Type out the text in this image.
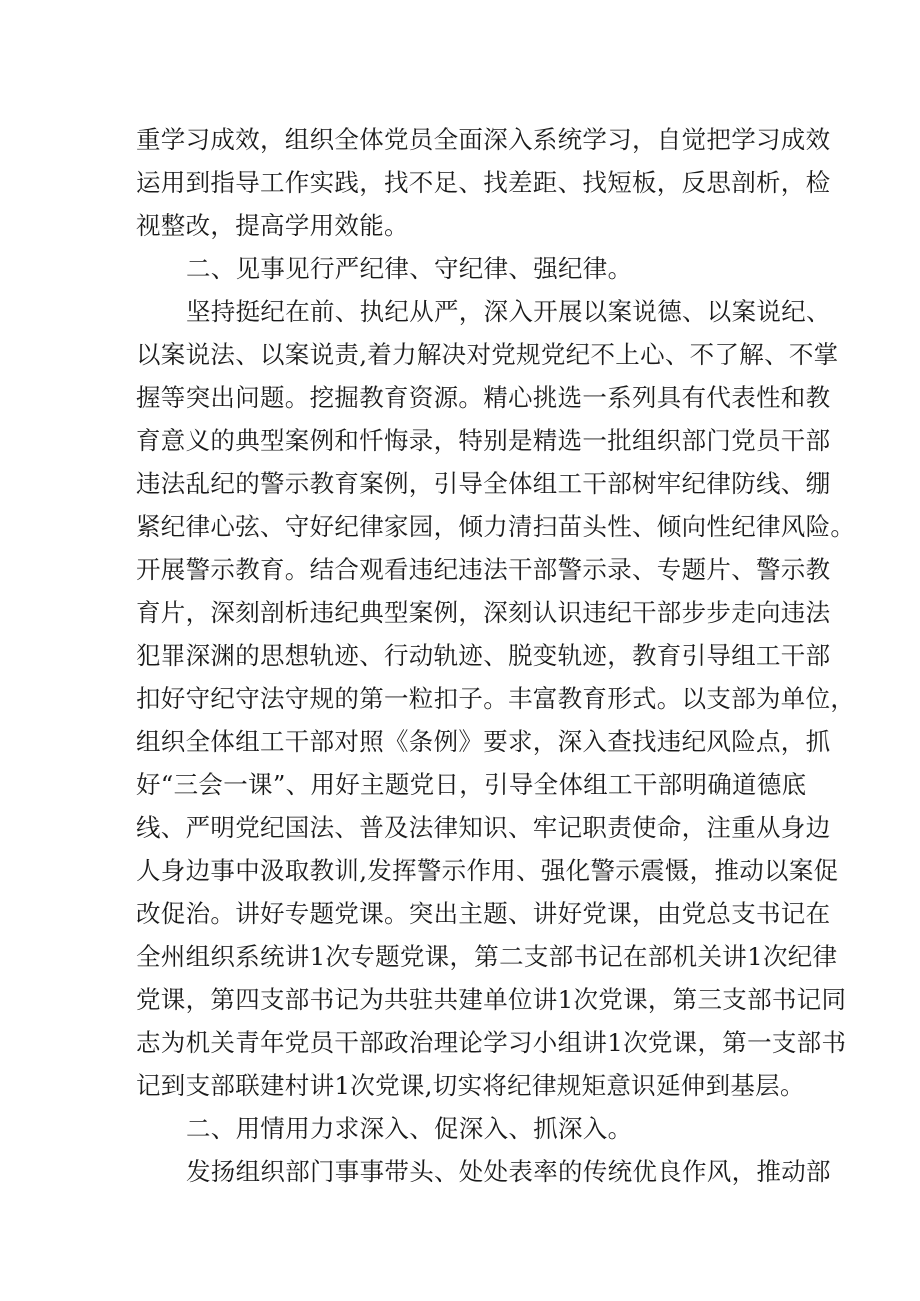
重学习成效，组织全体党员全面深入系统学习，自觉把学习成效
运用到指导工作实践，找不足、找差距、找短板，反思剖析，检
视整改，提高学用效能。
二、见事见行严纪律、守纪律、强纪律。
坚持挺纪在前、执纪从严，深入开展以案说德、以案说纪、
以案说法、以案说责,着力解决对党规党纪不上心、不了解、不掌
握等突出问题。挖掘教育资源。精心挑选一系列具有代表性和教
育意义的典型案例和忏悔录，特别是精选一批组织部门党员干部
违法乱纪的警示教育案例，引导全体组工干部树牢纪律防线、绷
紧纪律心弦、守好纪律家园，倾力清扫苗头性、倾向性纪律风险。
开展警示教育。结合观看违纪违法干部警示录、专题片、警示教
育片，深刻剖析违纪典型案例，深刻认识违纪干部步步走向违法
犯罪深渊的思想轨迹、行动轨迹、脱变轨迹，教育引导组工干部
扣好守纪守法守规的第一粒扣子。丰富教育形式。以支部为单位，
组织全体组工干部对照《条例》要求，深入查找违纪风险点，抓
好“三会一课”、用好主题党日，引导全体组工干部明确道德底
线、严明党纪国法、普及法律知识、牢记职责使命，注重从身边
人身边事中汲取教训,发挥警示作用、强化警示震慑，推动以案促
改促治。讲好专题党课。突出主题、讲好党课，由党总支书记在
全州组织系统讲1次专题党课，第二支部书记在部机关讲1次纪律
党课，第四支部书记为共驻共建单位讲1次党课，第三支部书记同
志为机关青年党员干部政治理论学习小组讲1次党课，第一支部书
记到支部联建村讲1次党课,切实将纪律规矩意识延伸到基层。
二、用情用力求深入、促深入、抓深入。
发扬组织部门事事带头、处处表率的传统优良作风，推动部
